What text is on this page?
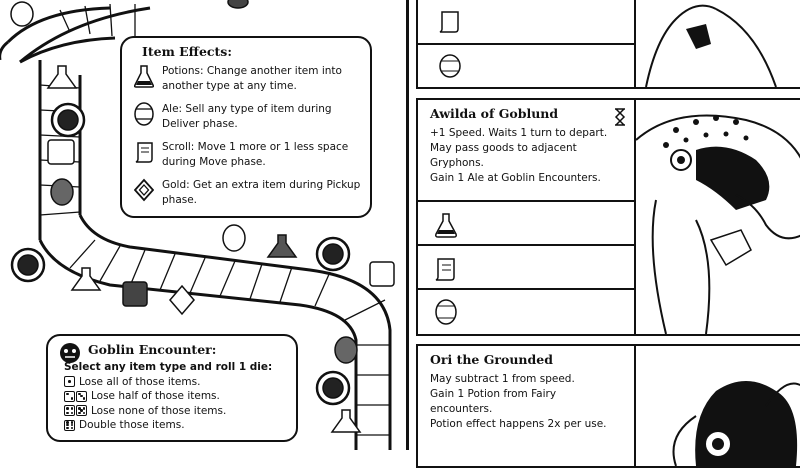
Item Effects:
Potions: Change another item into another type at any time.
Ale: Sell any type of item during Deliver phase.
Scroll: Move 1 more or 1 less space during Move phase.
Gold: Get an extra item during Pickup phase.
Goblin Encounter:
Select any item type and roll 1 die:
Lose all of those items.
Lose half of those items.
Lose none of those items.
Double those items.
Awilda of Goblund
+1 Speed. Waits 1 turn to depart.
May pass goods to adjacent
Gryphons.
Gain 1 Ale at Goblin Encounters.
Ori the Grounded
May subtract 1 from speed.
Gain 1 Potion from Fairy
encounters.
Potion effect happens 2x per use.
